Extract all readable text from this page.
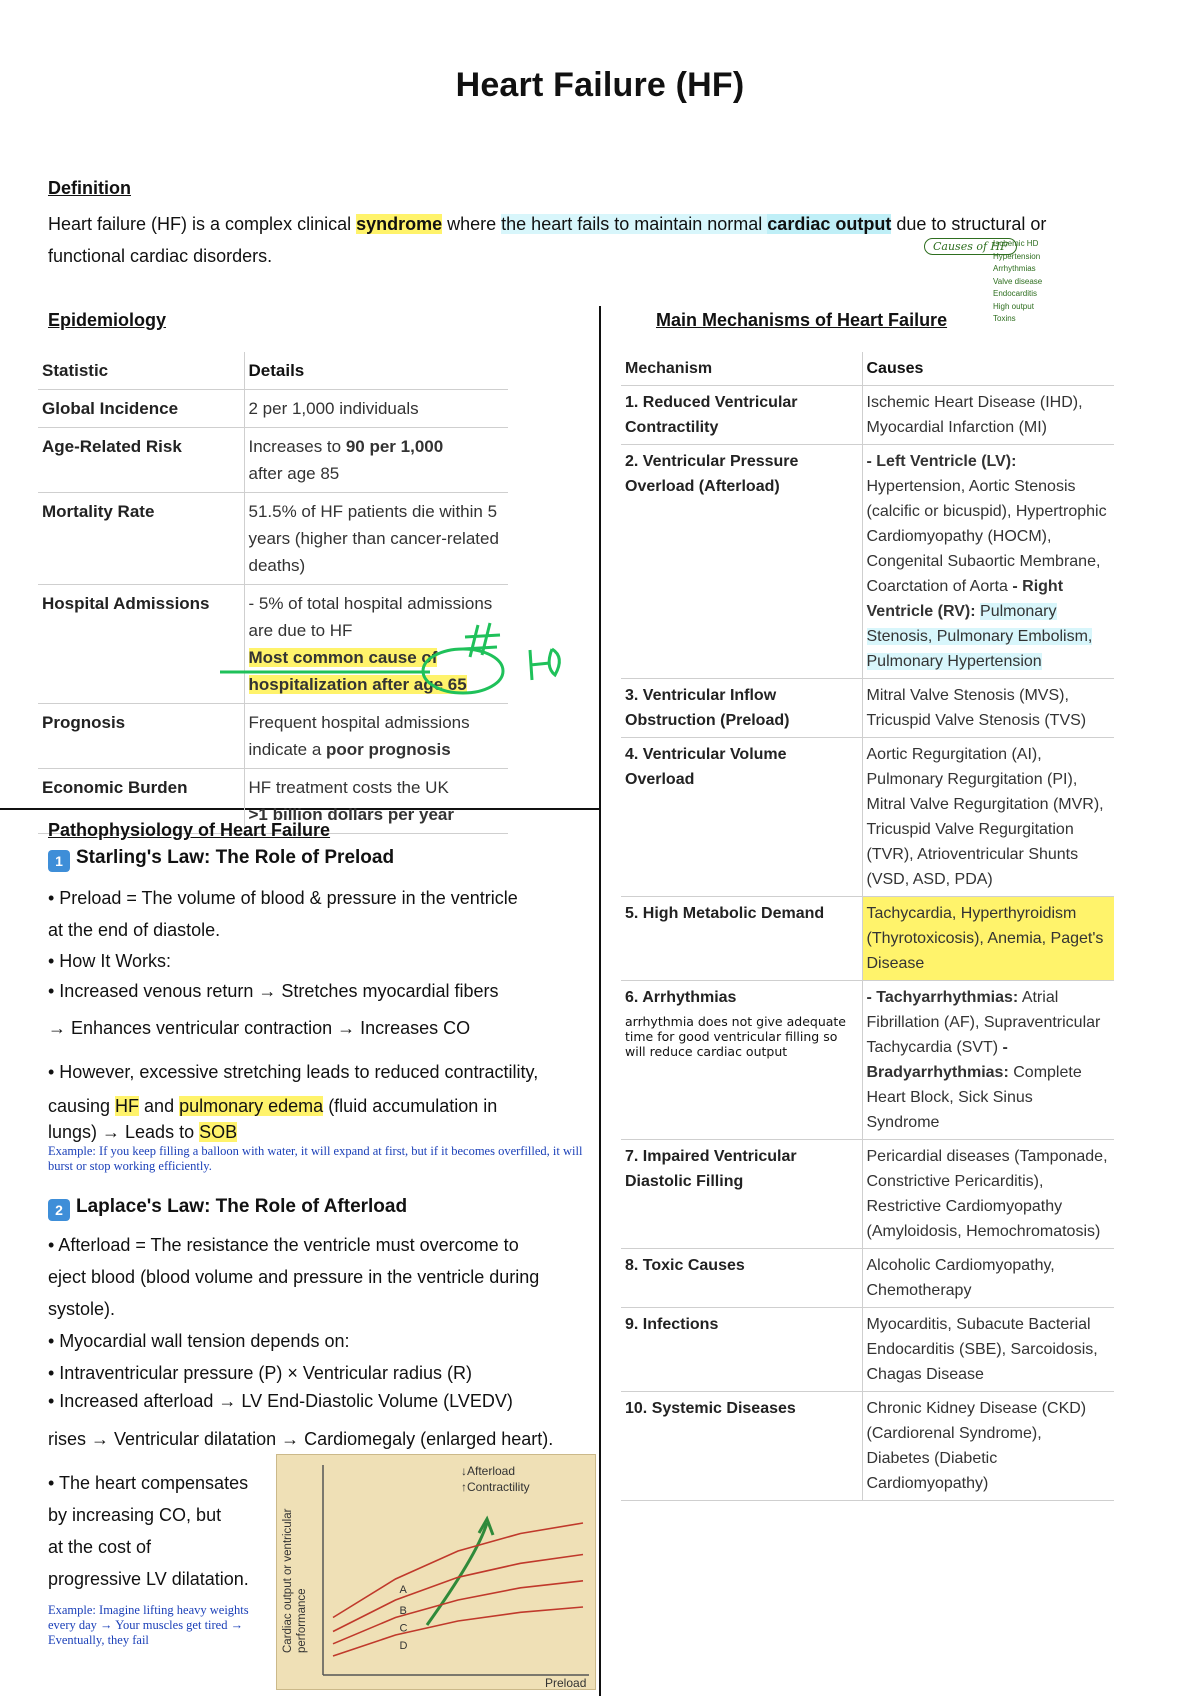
Heart Failure (HF)
Definition
Heart failure (HF) is a complex clinical syndrome where the heart fails to maintain normal cardiac output due to structural or
functional cardiac disorders.	Causes of HF
Ischemic HD
Hypertension
Arrhythmias
Valve disease
Endocarditis
High output
Toxins
Epidemiology
Statistic	Details
Global Incidence	2 per 1,000 individuals
Age-Related Risk	Increases to 90 per 1,000
after age 85
Mortality Rate	51.5% of HF patients die within 5 years (higher than cancer-related deaths)
Hospital Admissions	- 5% of total hospital admissions are due to HF
Most common cause of hospitalization after age 65
Prognosis	Frequent hospital admissions indicate a poor prognosis
Economic Burden	HF treatment costs the UK
>1 billion dollars per year
Main Mechanisms of Heart Failure
Mechanism	Causes
1. Reduced Ventricular Contractility	Ischemic Heart Disease (IHD), Myocardial Infarction (MI)
2. Ventricular Pressure Overload (Afterload)	- Left Ventricle (LV): Hypertension, Aortic Stenosis (calcific or bicuspid), Hypertrophic Cardiomyopathy (HOCM), Congenital Subaortic Membrane, Coarctation of Aorta - Right Ventricle (RV): Pulmonary Stenosis, Pulmonary Embolism, Pulmonary Hypertension
3. Ventricular Inflow Obstruction (Preload)	Mitral Valve Stenosis (MVS), Tricuspid Valve Stenosis (TVS)
4. Ventricular Volume Overload	Aortic Regurgitation (AI), Pulmonary Regurgitation (PI), Mitral Valve Regurgitation (MVR), Tricuspid Valve Regurgitation (TVR), Atrioventricular Shunts (VSD, ASD, PDA)
5. High Metabolic Demand	Tachycardia, Hyperthyroidism (Thyrotoxicosis), Anemia, Paget's Disease
6. Arrhythmias
arrhythmia does not give adequate time for good ventricular filling so will reduce cardiac output	- Tachyarrhythmias: Atrial Fibrillation (AF), Supraventricular Tachycardia (SVT) - Bradyarrhythmias: Complete Heart Block, Sick Sinus Syndrome
7. Impaired Ventricular Diastolic Filling	Pericardial diseases (Tamponade, Constrictive Pericarditis), Restrictive Cardiomyopathy (Amyloidosis, Hemochromatosis)
8. Toxic Causes	Alcoholic Cardiomyopathy, Chemotherapy
9. Infections	Myocarditis, Subacute Bacterial Endocarditis (SBE), Sarcoidosis, Chagas Disease
10. Systemic Diseases	Chronic Kidney Disease (CKD) (Cardiorenal Syndrome), Diabetes (Diabetic Cardiomyopathy)

Pathophysiology of Heart Failure

1 Starling's Law: The Role of Preload

• Preload = The volume of blood & pressure in the ventricle

at the end of diastole.

• How It Works:

• Increased venous return → Stretches myocardial fibers

→ Enhances ventricular contraction → Increases CO

• However, excessive stretching leads to reduced contractility,

causing HF and pulmonary edema (fluid accumulation in

lungs) → Leads to SOB

Example: If you keep filling a balloon with water, it will expand at first, but if it becomes overfilled, it will burst or stop working efficiently.

2 Laplace's Law: The Role of Afterload

• Afterload = The resistance the ventricle must overcome to

eject blood (blood volume and pressure in the ventricle during

systole).

• Myocardial wall tension depends on:

• Intraventricular pressure (P) × Ventricular radius (R)

• Increased afterload → LV End-Diastolic Volume (LVEDV)

rises → Ventricular dilatation → Cardiomegaly (enlarged heart).

• The heart compensates

by increasing CO, but

at the cost of

progressive LV dilatation.

Example: Imagine lifting heavy weights every day → Your muscles get tired → Eventually, they fail

A
B
C
D
↓Afterload
↑Contractility
Preload
Cardiac output or ventricular performance
